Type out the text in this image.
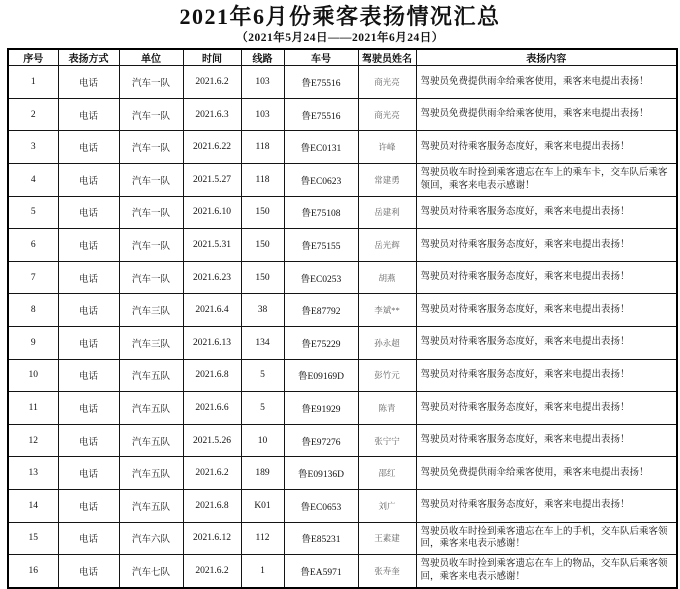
2021年6月份乘客表扬情况汇总
（2021年5月24日——2021年6月24日）
序号	表扬方式	单位	时间	线路	车号	驾驶员姓名	表扬内容
1	电话	汽车一队	2021.6.2	103	鲁E75516	商光亮	驾驶员免费提供雨伞给乘客使用，乘客来电提出表扬！
2	电话	汽车一队	2021.6.3	103	鲁E75516	商光亮	驾驶员免费提供雨伞给乘客使用，乘客来电提出表扬！
3	电话	汽车一队	2021.6.22	118	鲁EC0131	许峰	驾驶员对待乘客服务态度好，乘客来电提出表扬！
4	电话	汽车一队	2021.5.27	118	鲁EC0623	常建勇	驾驶员收车时捡到乘客遗忘在车上的乘车卡，交车队后乘客领回，乘客来电表示感谢！
5	电话	汽车一队	2021.6.10	150	鲁E75108	岳建利	驾驶员对待乘客服务态度好，乘客来电提出表扬！
6	电话	汽车一队	2021.5.31	150	鲁E75155	岳光辉	驾驶员对待乘客服务态度好，乘客来电提出表扬！
7	电话	汽车一队	2021.6.23	150	鲁EC0253	胡燕	驾驶员对待乘客服务态度好，乘客来电提出表扬！
8	电话	汽车三队	2021.6.4	38	鲁E87792	李斌**	驾驶员对待乘客服务态度好，乘客来电提出表扬！
9	电话	汽车三队	2021.6.13	134	鲁E75229	孙永超	驾驶员对待乘客服务态度好，乘客来电提出表扬！
10	电话	汽车五队	2021.6.8	5	鲁E09169D	彭竹元	驾驶员对待乘客服务态度好，乘客来电提出表扬！
11	电话	汽车五队	2021.6.6	5	鲁E91929	陈青	驾驶员对待乘客服务态度好，乘客来电提出表扬！
12	电话	汽车五队	2021.5.26	10	鲁E97276	张宁宁	驾驶员对待乘客服务态度好，乘客来电提出表扬！
13	电话	汽车五队	2021.6.2	189	鲁E09136D	邵红	驾驶员免费提供雨伞给乘客使用，乘客来电提出表扬！
14	电话	汽车五队	2021.6.8	K01	鲁EC0653	刘广	驾驶员对待乘客服务态度好，乘客来电提出表扬！
15	电话	汽车六队	2021.6.12	112	鲁E85231	王素建	驾驶员收车时捡到乘客遗忘在车上的手机，交车队后乘客领回，乘客来电表示感谢！
16	电话	汽车七队	2021.6.2	1	鲁EA5971	张寿奎	驾驶员收车时捡到乘客遗忘在车上的物品，交车队后乘客领回，乘客来电表示感谢！
